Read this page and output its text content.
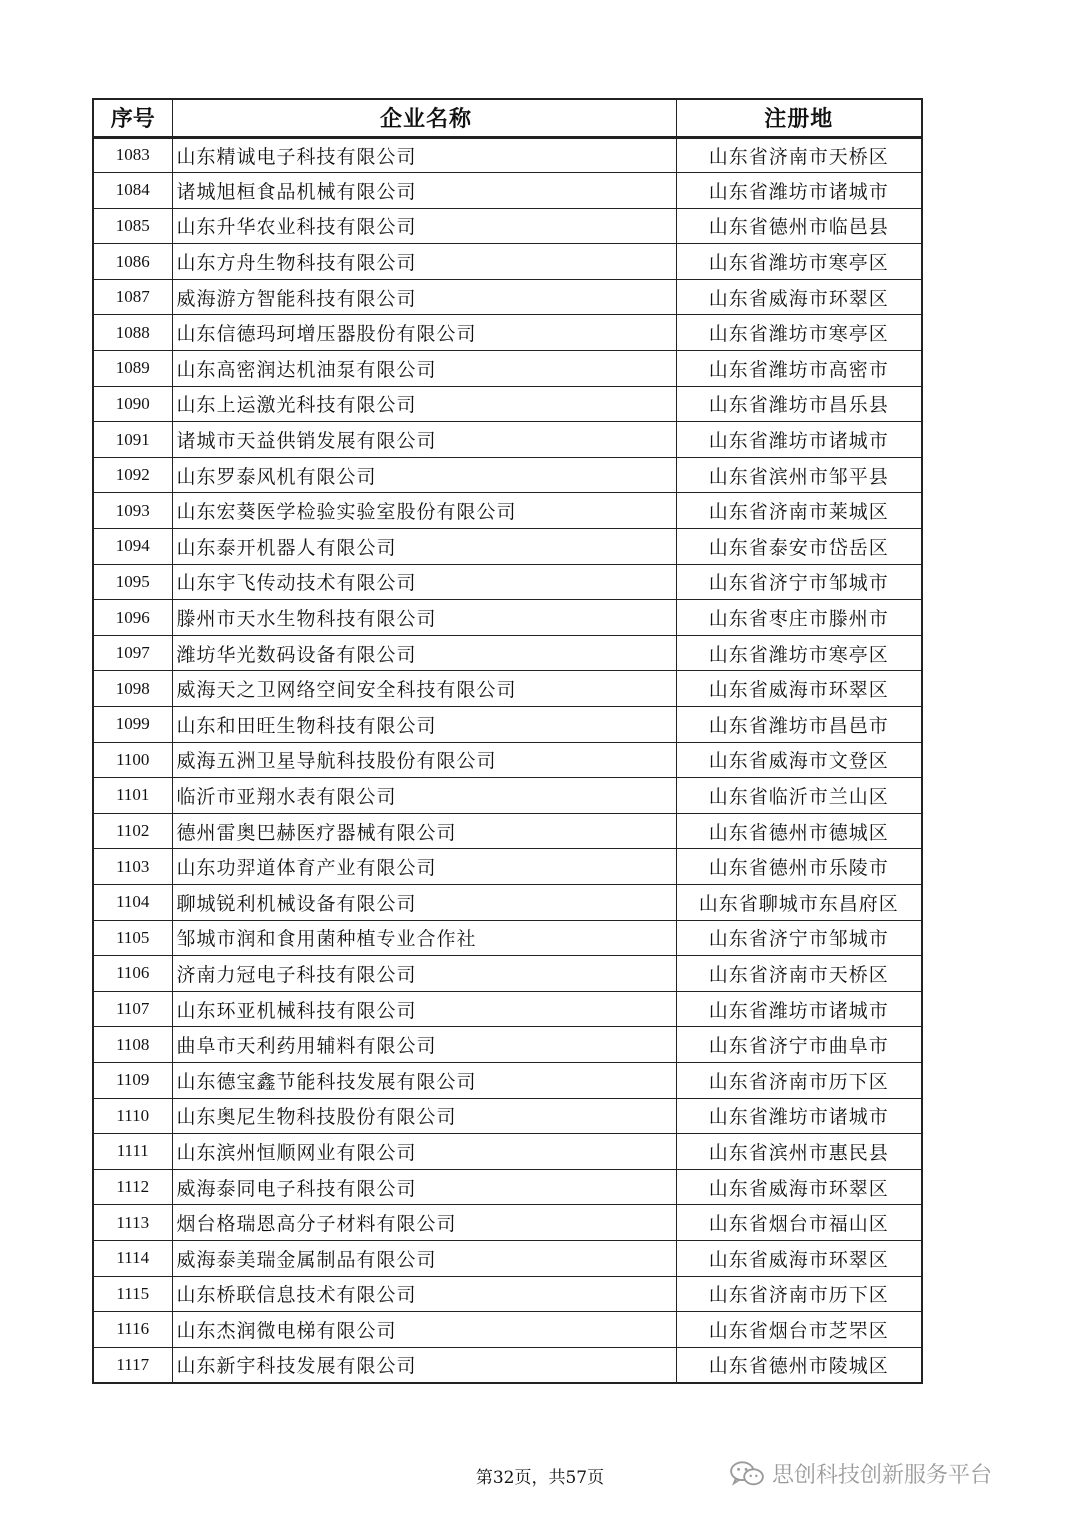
序号	企业名称	注册地
1083	山东精诚电子科技有限公司	山东省济南市天桥区
1084	诸城旭桓食品机械有限公司	山东省潍坊市诸城市
1085	山东升华农业科技有限公司	山东省德州市临邑县
1086	山东方舟生物科技有限公司	山东省潍坊市寒亭区
1087	威海游方智能科技有限公司	山东省威海市环翠区
1088	山东信德玛珂增压器股份有限公司	山东省潍坊市寒亭区
1089	山东高密润达机油泵有限公司	山东省潍坊市高密市
1090	山东上运激光科技有限公司	山东省潍坊市昌乐县
1091	诸城市天益供销发展有限公司	山东省潍坊市诸城市
1092	山东罗泰风机有限公司	山东省滨州市邹平县
1093	山东宏葵医学检验实验室股份有限公司	山东省济南市莱城区
1094	山东泰开机器人有限公司	山东省泰安市岱岳区
1095	山东宇飞传动技术有限公司	山东省济宁市邹城市
1096	滕州市天水生物科技有限公司	山东省枣庄市滕州市
1097	潍坊华光数码设备有限公司	山东省潍坊市寒亭区
1098	威海天之卫网络空间安全科技有限公司	山东省威海市环翠区
1099	山东和田旺生物科技有限公司	山东省潍坊市昌邑市
1100	威海五洲卫星导航科技股份有限公司	山东省威海市文登区
1101	临沂市亚翔水表有限公司	山东省临沂市兰山区
1102	德州雷奥巴赫医疗器械有限公司	山东省德州市德城区
1103	山东功羿道体育产业有限公司	山东省德州市乐陵市
1104	聊城锐利机械设备有限公司	山东省聊城市东昌府区
1105	邹城市润和食用菌种植专业合作社	山东省济宁市邹城市
1106	济南力冠电子科技有限公司	山东省济南市天桥区
1107	山东环亚机械科技有限公司	山东省潍坊市诸城市
1108	曲阜市天利药用辅料有限公司	山东省济宁市曲阜市
1109	山东德宝鑫节能科技发展有限公司	山东省济南市历下区
1110	山东奥尼生物科技股份有限公司	山东省潍坊市诸城市
1111	山东滨州恒顺网业有限公司	山东省滨州市惠民县
1112	威海泰同电子科技有限公司	山东省威海市环翠区
1113	烟台格瑞恩高分子材料有限公司	山东省烟台市福山区
1114	威海泰美瑞金属制品有限公司	山东省威海市环翠区
1115	山东桥联信息技术有限公司	山东省济南市历下区
1116	山东杰润微电梯有限公司	山东省烟台市芝罘区
1117	山东新宇科技发展有限公司	山东省德州市陵城区
第32页，共57页	思创科技创新服务平台
